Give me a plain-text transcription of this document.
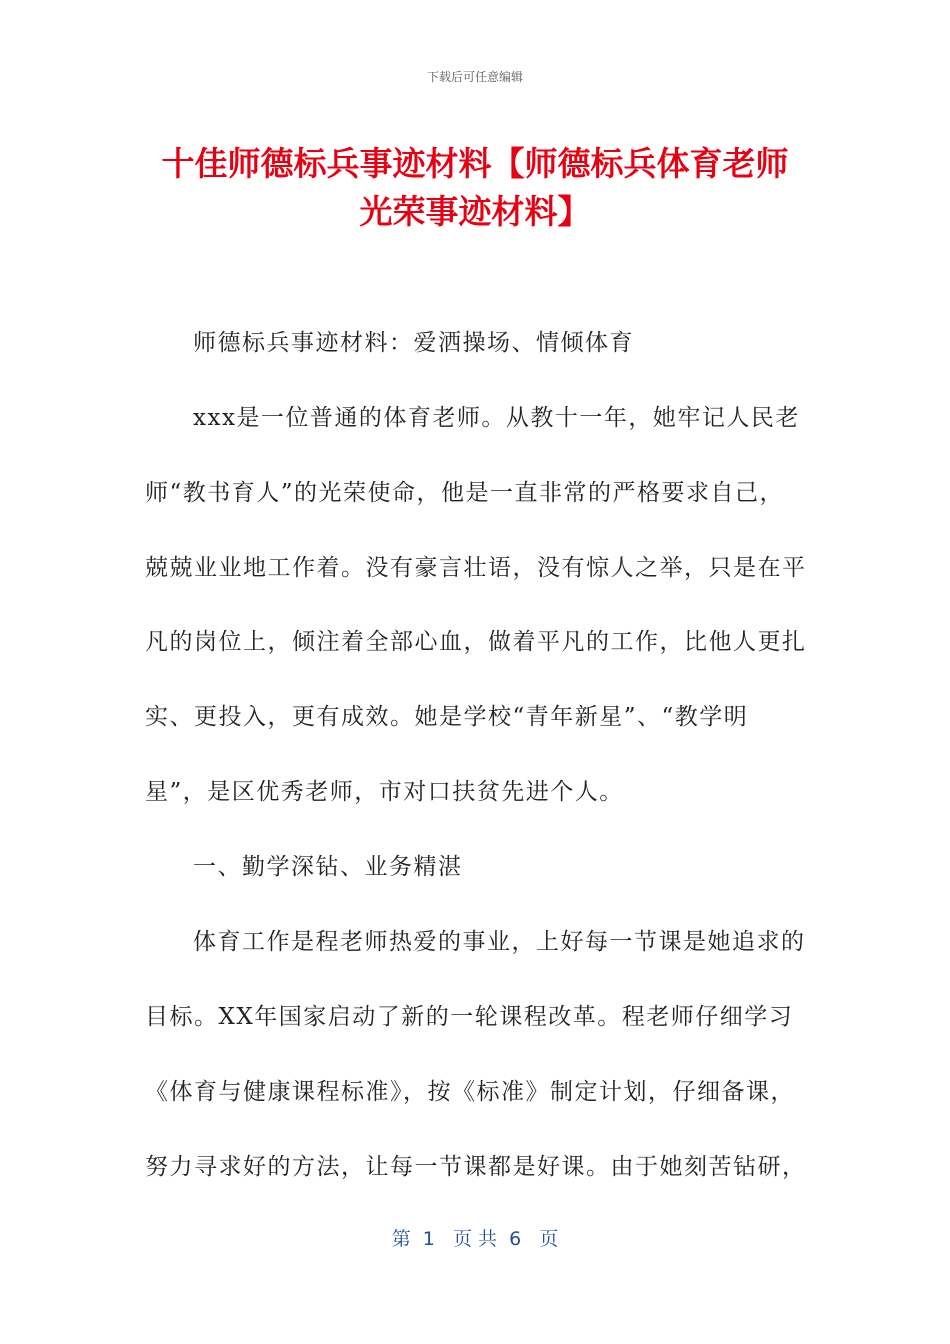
下载后可任意编辑
十佳师德标兵事迹材料【师德标兵体育老师
光荣事迹材料】
师德标兵事迹材料：爱洒操场、情倾体育
xxx是一位普通的体育老师。从教十一年，她牢记人民老
师“教书育人”的光荣使命，他是一直非常的严格要求自己，
兢兢业业地工作着。没有豪言壮语，没有惊人之举，只是在平
凡的岗位上，倾注着全部心血，做着平凡的工作，比他人更扎
实、更投入，更有成效。她是学校“青年新星”、“教学明
星”，是区优秀老师，市对口扶贫先进个人。
一、勤学深钻、业务精湛
体育工作是程老师热爱的事业，上好每一节课是她追求的
目标。XX年国家启动了新的一轮课程改革。程老师仔细学习
《体育与健康课程标准》，按《标准》制定计划，仔细备课，
努力寻求好的方法，让每一节课都是好课。由于她刻苦钻研，
第  1   页 共  6   页
